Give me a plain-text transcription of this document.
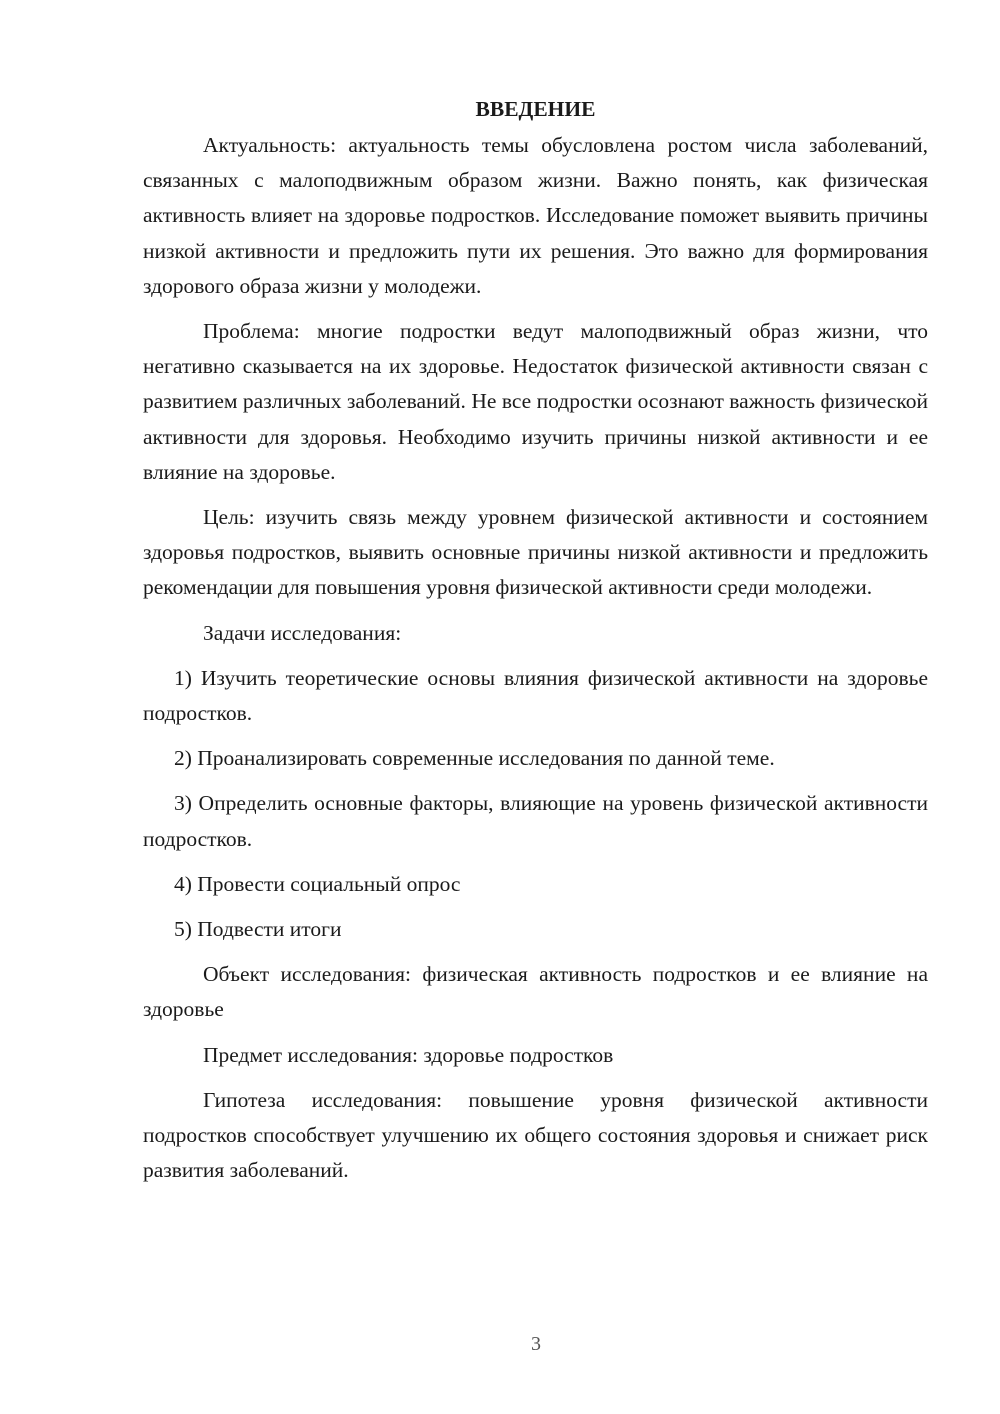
ВВЕДЕНИЕ

Актуальность: актуальность темы обусловлена ростом числа заболеваний, связанных с малоподвижным образом жизни. Важно понять, как физическая активность влияет на здоровье подростков. Исследование поможет выявить причины низкой активности и предложить пути их решения. Это важно для формирования здорового образа жизни у молодежи.

Проблема: многие подростки ведут малоподвижный образ жизни, что негативно сказывается на их здоровье. Недостаток физической активности связан с развитием различных заболеваний. Не все подростки осознают важность физической активности для здоровья. Необходимо изучить причины низкой активности и ее влияние на здоровье.

Цель: изучить связь между уровнем физической активности и состоянием здоровья подростков, выявить основные причины низкой активности и предложить рекомендации для повышения уровня физической активности среди молодежи.

Задачи исследования:

1) Изучить теоретические основы влияния физической активности на здоровье подростков.

2) Проанализировать современные исследования по данной теме.

3) Определить основные факторы, влияющие на уровень физической активности подростков.

4) Провести социальный опрос

5) Подвести итоги

Объект исследования: физическая активность подростков и ее влияние на здоровье

Предмет исследования: здоровье подростков

Гипотеза исследования: повышение уровня физической активности подростков способствует улучшению их общего состояния здоровья и снижает риск развития заболеваний.

3
